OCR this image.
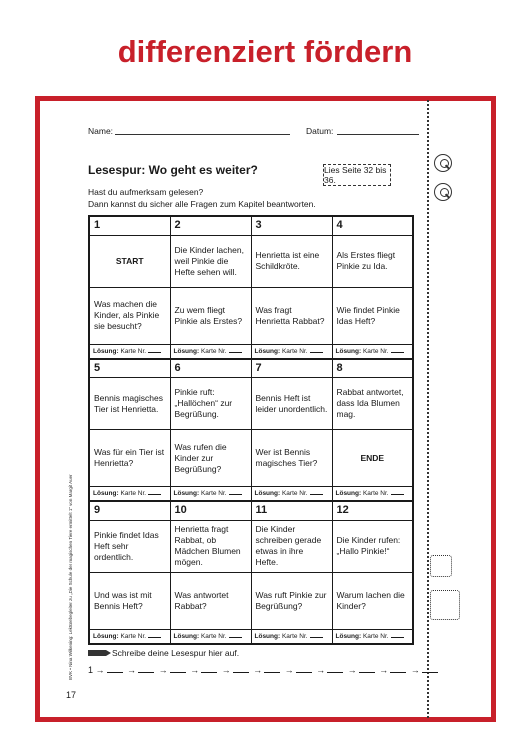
differenziert fördern
Name:	Datum:
Lesespur: Wo geht es weiter?	Lies Seite 32 bis 36.
Hast du aufmerksam gelesen?
Dann kannst du sicher alle Fragen zum Kapitel beantworten.
1	2	3	4
START	Die Kinder lachen, weil Pinkie die Hefte sehen will.	Henrietta ist eine Schildkröte.	Als Erstes fliegt Pinkie zu Ida.
Was machen die Kinder, als Pinkie sie besucht?	Zu wem fliegt Pinkie als Erstes?	Was fragt Henrietta Rabbat?	Wie findet Pinkie Idas Heft?
Lösung: Karte Nr.	Lösung: Karte Nr.	Lösung: Karte Nr.	Lösung: Karte Nr.
5	6	7	8
Bennis magisches Tier ist Henrietta.	Pinkie ruft: „Hallöchen“ zur Begrüßung.	Bennis Heft ist leider unordentlich.	Rabbat antwortet, dass Ida Blumen mag.
Was für ein Tier ist Henrietta?	Was rufen die Kinder zur Begrüßung?	Wer ist Bennis magisches Tier?	ENDE
Lösung: Karte Nr.	Lösung: Karte Nr.	Lösung: Karte Nr.	Lösung: Karte Nr.
9	10	11	12
Pinkie findet Idas Heft sehr ordentlich.	Henrietta fragt Rabbat, ob Mädchen Blumen mögen.	Die Kinder schreiben gerade etwas in ihre Hefte.	Die Kinder rufen: „Hallo Pinkie!“
Und was ist mit Bennis Heft?	Was antwortet Rabbat?	Was ruft Pinkie zur Begrüßung?	Warum lachen die Kinder?
Lösung: Karte Nr.	Lösung: Karte Nr.	Lösung: Karte Nr.	Lösung: Karte Nr.
Schreibe deine Lesespur hier auf.
1 →	→	→	→	→	→	→	→	→	→	→
BVK • Nina Wilkening: Lektürebegleiter zu „Die Schule der magischen Tiere ermittelt 1“ von Margit Auer
17
